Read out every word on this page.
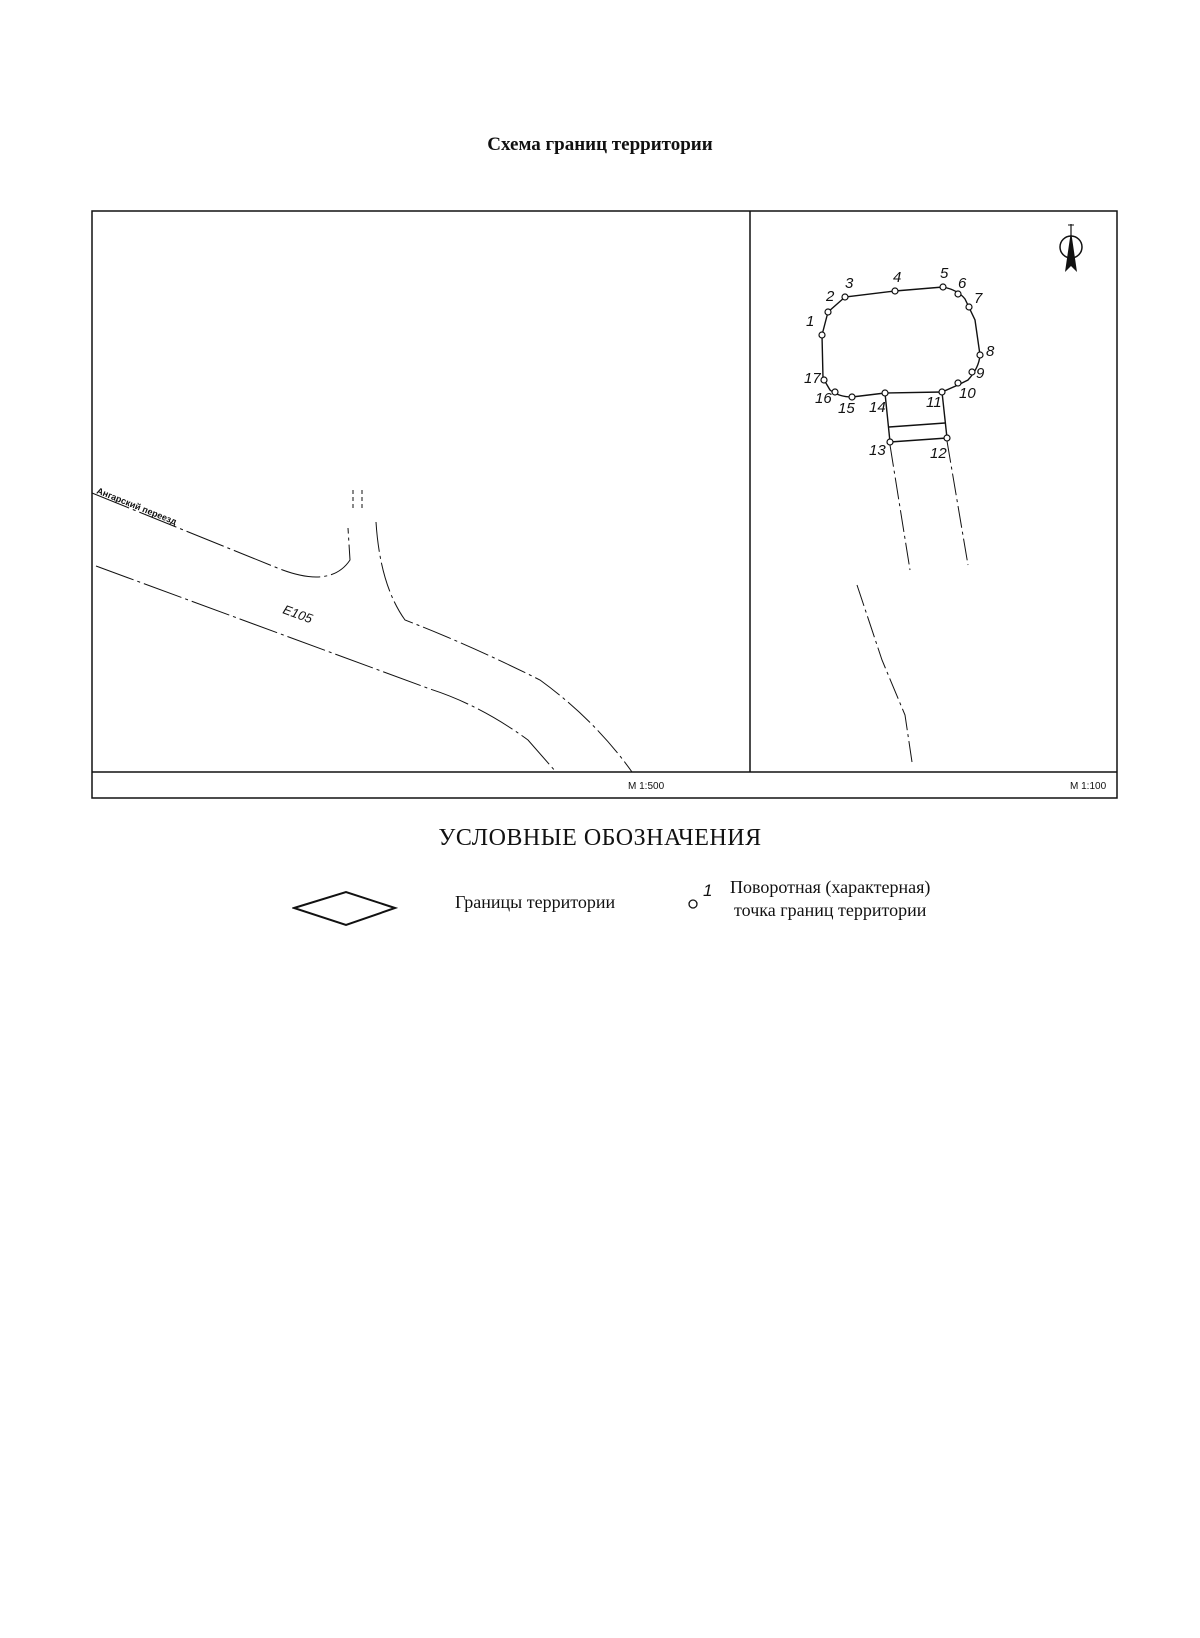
Схема границ территории
М 1:500	М 1:100
Ангарский переезд
Е105
1
2
3	4	5
6
7
8
9
10
11
12
13
14
15
16
17
УСЛОВНЫЕ ОБОЗНАЧЕНИЯ
Границы территории
1 Поворотная (характерная)
точка границ территории
